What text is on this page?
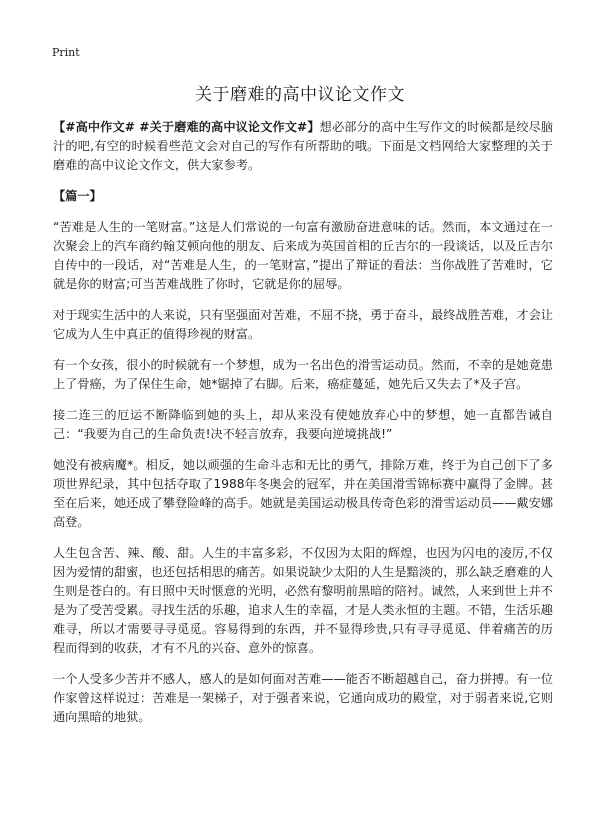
Print
关于磨难的高中议论文作文

【#高中作文# #关于磨难的高中议论文作文#】想必部分的高中生写作文的时候都是绞尽脑汁的吧,有空的时候看些范文会对自己的写作有所帮助的哦。下面是文档网给大家整理的关于磨难的高中议论文作文，供大家参考。

【篇一】

“苦难是人生的一笔财富。”这是人们常说的一句富有激励奋进意味的话。然而，本文通过在一次聚会上的汽车商约翰艾顿向他的朋友、后来成为英国首相的丘吉尔的一段谈话，以及丘吉尔自传中的一段话，对“苦难是人生，的一笔财富，”提出了辩证的看法：当你战胜了苦难时，它就是你的财富;可当苦难战胜了你时，它就是你的屈辱。

对于现实生活中的人来说，只有坚强面对苦难，不屈不挠，勇于奋斗，最终战胜苦难，才会让它成为人生中真正的值得珍视的财富。

有一个女孩，很小的时候就有一个梦想，成为一名出色的滑雪运动员。然而，不幸的是她竟患上了骨癌，为了保住生命，她*锯掉了右脚。后来，癌症蔓延，她先后又失去了*及子宫。

接二连三的厄运不断降临到她的头上，却从来没有使她放弃心中的梦想，她一直都告诫自己：“我要为自己的生命负责!决不轻言放弃，我要向逆境挑战!”

她没有被病魔*。相反，她以顽强的生命斗志和无比的勇气，排除万难，终于为自己创下了多项世界纪录，其中包括夺取了1988年冬奥会的冠军，并在美国滑雪锦标赛中赢得了金牌。甚至在后来，她还成了攀登险峰的高手。她就是美国运动极具传奇色彩的滑雪运动员——戴安娜高登。

人生包含苦、辣、酸、甜。人生的丰富多彩，不仅因为太阳的辉煌，也因为闪电的凌厉,不仅因为爱情的甜蜜，也还包括相思的痛苦。如果说缺少太阳的人生是黯淡的，那么缺乏磨难的人生则是苍白的。有日照中天时惬意的光明，必然有黎明前黑暗的陪衬。诚然，人来到世上并不是为了受苦受累。寻找生活的乐趣，追求人生的幸福，才是人类永恒的主题。不错，生活乐趣难寻，所以才需要寻寻觅觅。容易得到的东西，并不显得珍贵,只有寻寻觅觅、伴着痛苦的历程而得到的收获，才有不凡的兴奋、意外的惊喜。

一个人受多少苦并不感人，感人的是如何面对苦难——能否不断超越自己，奋力拼搏。有一位作家曾这样说过：苦难是一架梯子，对于强者来说，它通向成功的殿堂，对于弱者来说,它则通向黑暗的地狱。
